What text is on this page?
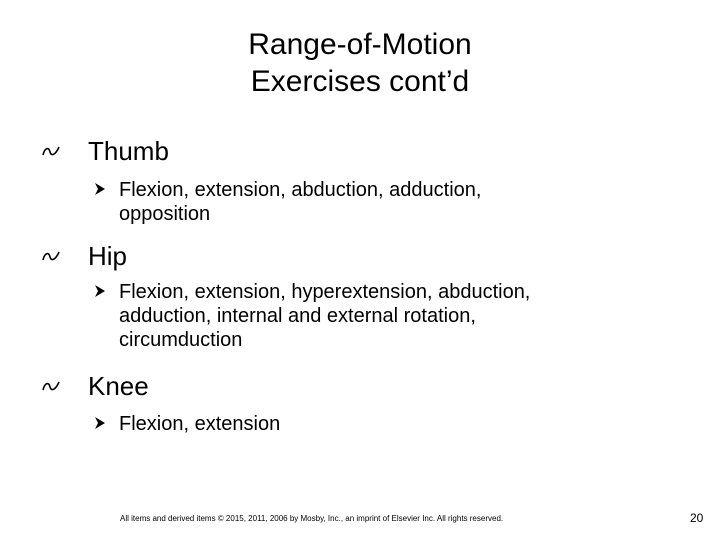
Range-of-Motion
Exercises cont’d
Thumb
Flexion, extension, abduction, adduction,
opposition
Hip
Flexion, extension, hyperextension, abduction,
adduction, internal and external rotation,
circumduction
Knee
Flexion, extension
All items and derived items © 2015, 2011, 2006 by Mosby, Inc., an imprint of Elsevier Inc. All rights reserved.	20
